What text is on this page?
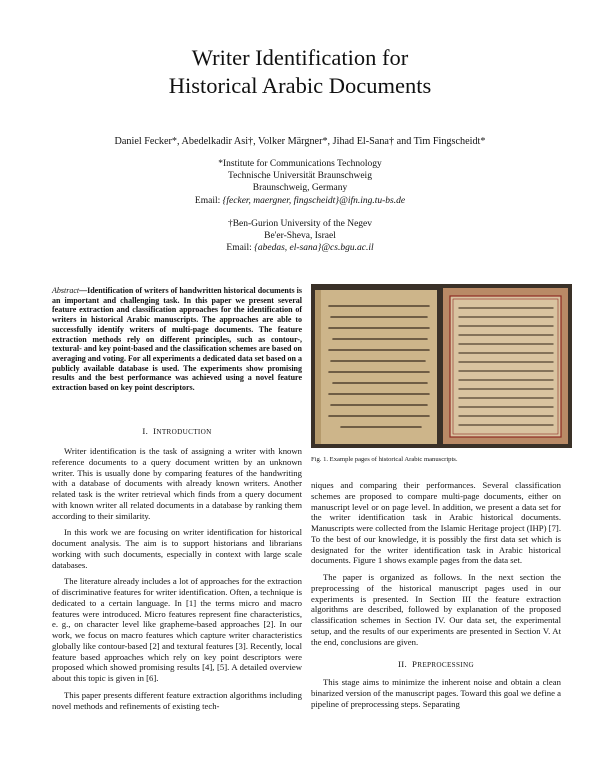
Writer Identification for
Historical Arabic Documents
Daniel Fecker*, Abedelkadir Asi†, Volker Märgner*, Jihad El-Sana† and Tim Fingscheidt*
*Institute for Communications Technology
Technische Universität Braunschweig
Braunschweig, Germany
Email: {fecker, maergner, fingscheidt}@ifn.ing.tu-bs.de
†Ben-Gurion University of the Negev
Be'er-Sheva, Israel
Email: {abedas, el-sana}@cs.bgu.ac.il
Abstract—Identification of writers of handwritten historical documents is an important and challenging task. In this paper we present several feature extraction and classification approaches for the identification of writers in historical Arabic manuscripts. The approaches are able to successfully identify writers of multi-page documents. The feature extraction methods rely on different principles, such as contour-, textural- and key point-based and the classification schemes are based on averaging and voting. For all experiments a dedicated data set based on a publicly available database is used. The experiments show promising results and the best performance was achieved using a novel feature extraction based on key point descriptors.
I. INTRODUCTION

Writer identification is the task of assigning a writer with known reference documents to a query document written by an unknown writer. This is usually done by comparing features of the handwriting with a database of documents with already known writers. Another related task is the writer retrieval which finds from a query document with known writer all related documents in a database by ranking them according to their similarity.

In this work we are focusing on writer identification for historical document analysis. The aim is to support historians and librarians working with such documents, especially in context with large scale databases.

The literature already includes a lot of approaches for the extraction of discriminative features for writer identification. Often, a technique is dedicated to a certain language. In [1] the terms micro and macro features were introduced. Micro features represent fine characteristics, e. g., on character level like grapheme-based approaches [2]. In our work, we focus on macro features which capture writer characteristics globally like contour-based [2] and textural features [3]. Recently, local feature based approaches which rely on key point descriptors were proposed which showed promising results [4], [5]. A detailed overview about this topic is given in [6].

This paper presents different feature extraction algorithms including novel methods and refinements of existing tech-

Fig. 1. Example pages of historical Arabic manuscripts.

niques and comparing their performances. Several classification schemes are proposed to compare multi-page documents, either on manuscript level or on page level. In addition, we present a data set for the writer identification task in Arabic historical documents. Manuscripts were collected from the Islamic Heritage project (IHP) [7]. To the best of our knowledge, it is possibly the first data set which is designated for the writer identification task in Arabic historical documents. Figure 1 shows example pages from the data set.

The paper is organized as follows. In the next section the preprocessing of the historical manuscript pages used in our experiments is presented. In Section III the feature extraction algorithms are described, followed by explanation of the proposed classification schemes in Section IV. Our data set, the experimental setup, and the results of our experiments are presented in Section V. At the end, conclusions are given.

II. PREPROCESSING

This stage aims to minimize the inherent noise and obtain a clean binarized version of the manuscript pages. Toward this goal we define a pipeline of preprocessing steps. Separating
